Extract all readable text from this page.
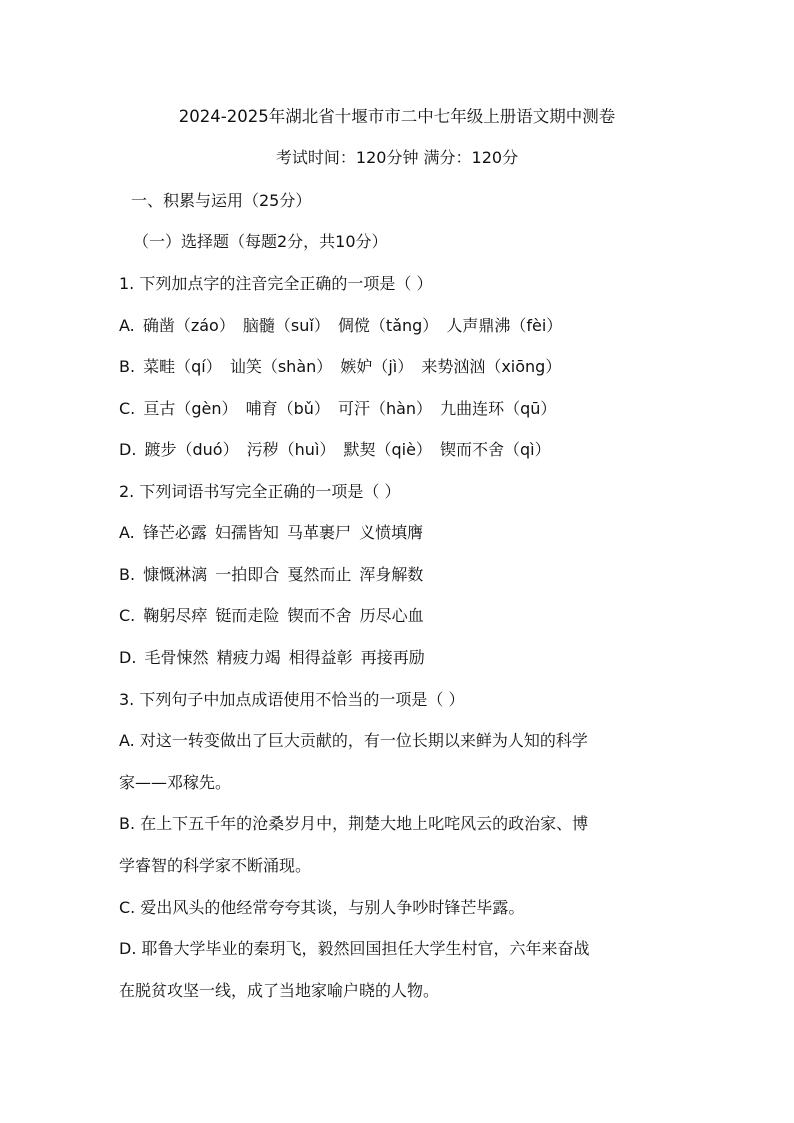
2024-2025年湖北省十堰市市二中七年级上册语文期中测卷
考试时间：120分钟 满分：120分
一、积累与运用（25分）
（一）选择题（每题2分，共10分）
1. 下列加点字的注音完全正确的一项是（ ）
A. 确凿（záo） 脑髓（suǐ） 倜傥（tǎng） 人声鼎沸（fèi）
B. 菜畦（qí） 讪笑（shàn） 嫉妒（jì） 来势汹汹（xiōng）
C. 亘古（gèn） 哺育（bǔ） 可汗（hàn） 九曲连环（qū）
D. 踱步（duó） 污秽（huì） 默契（qiè） 锲而不舍（qì）
2. 下列词语书写完全正确的一项是（ ）
A. 锋芒必露 妇孺皆知 马革裹尸 义愤填膺
B. 慷慨淋漓 一拍即合 戛然而止 浑身解数
C. 鞠躬尽瘁 铤而走险 锲而不舍 历尽心血
D. 毛骨悚然 精疲力竭 相得益彰 再接再励
3. 下列句子中加点成语使用不恰当的一项是（ ）
A. 对这一转变做出了巨大贡献的，有一位长期以来鲜为人知的科学
家——邓稼先。
B. 在上下五千年的沧桑岁月中，荆楚大地上叱咤风云的政治家、博
学睿智的科学家不断涌现。
C. 爱出风头的他经常夸夸其谈，与别人争吵时锋芒毕露。
D. 耶鲁大学毕业的秦玥飞，毅然回国担任大学生村官，六年来奋战
在脱贫攻坚一线，成了当地家喻户晓的人物。
